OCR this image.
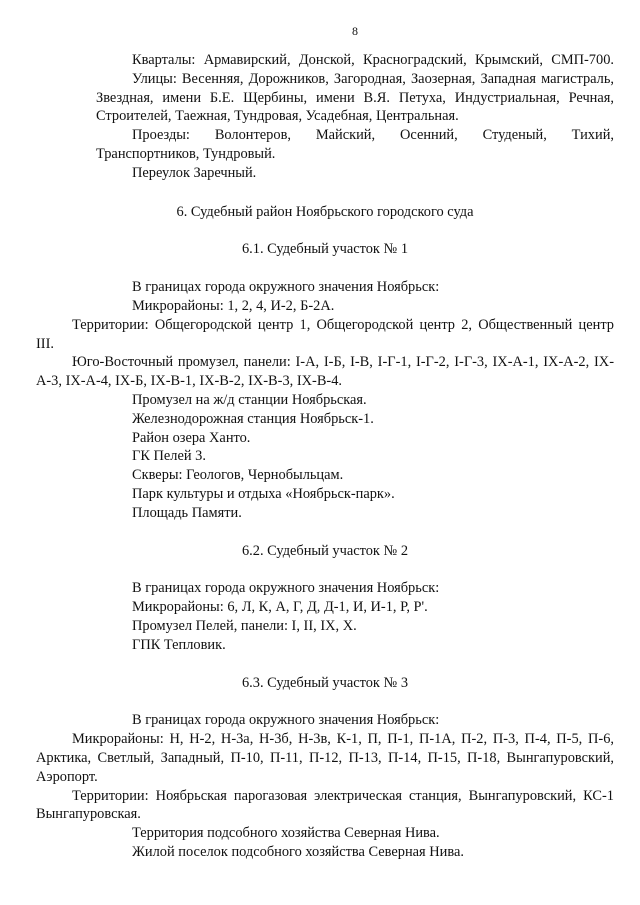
8

Кварталы: Армавирский, Донской, Красноградский, Крымский, СМП-700.

Улицы: Весенняя, Дорожников, Загородная, Заозерная, Западная магистраль, Звездная, имени Б.Е. Щербины, имени В.Я. Петуха, Индустриальная, Речная, Строителей, Таежная, Тундровая, Усадебная, Центральная.

Проезды: Волонтеров, Майский, Осенний, Студеный, Тихий, Транспортников, Тундровый.

Переулок Заречный.

6. Судебный район Ноябрьского городского суда

6.1. Судебный участок № 1

В границах города окружного значения Ноябрьск:

Микрорайоны: 1, 2, 4, И-2, Б-2А.

Территории: Общегородской центр 1, Общегородской центр 2, Общественный центр III.

Юго-Восточный промузел, панели: I-А, I-Б, I-В, I-Г-1, I-Г-2, I-Г-3, IX-А-1, IX-А-2, IX-А-3, IX-А-4, IX-Б, IX-В-1, IX-В-2, IX-В-3, IX-В-4.

Промузел на ж/д станции Ноябрьская.

Железнодорожная станция Ноябрьск-1.

Район озера Ханто.

ГК Пелей 3.

Скверы: Геологов, Чернобыльцам.

Парк культуры и отдыха «Ноябрьск-парк».

Площадь Памяти.

6.2. Судебный участок № 2

В границах города окружного значения Ноябрьск:

Микрорайоны: 6, Л, К, А, Г, Д, Д-1, И, И-1, Р, Р'.

Промузел Пелей, панели: I, II, IX, X.

ГПК Тепловик.

6.3. Судебный участок № 3

В границах города окружного значения Ноябрьск:

Микрорайоны: Н, Н-2, Н-3а, Н-3б, Н-3в, К-1, П, П-1, П-1А, П-2, П-3, П-4, П-5, П-6, Арктика, Светлый, Западный, П-10, П-11, П-12, П-13, П-14, П-15, П-18, Вынгапуровский, Аэропорт.

Территории: Ноябрьская парогазовая электрическая станция, Вынгапуровский, КС-1 Вынгапуровская.

Территория подсобного хозяйства Северная Нива.

Жилой поселок подсобного хозяйства Северная Нива.
